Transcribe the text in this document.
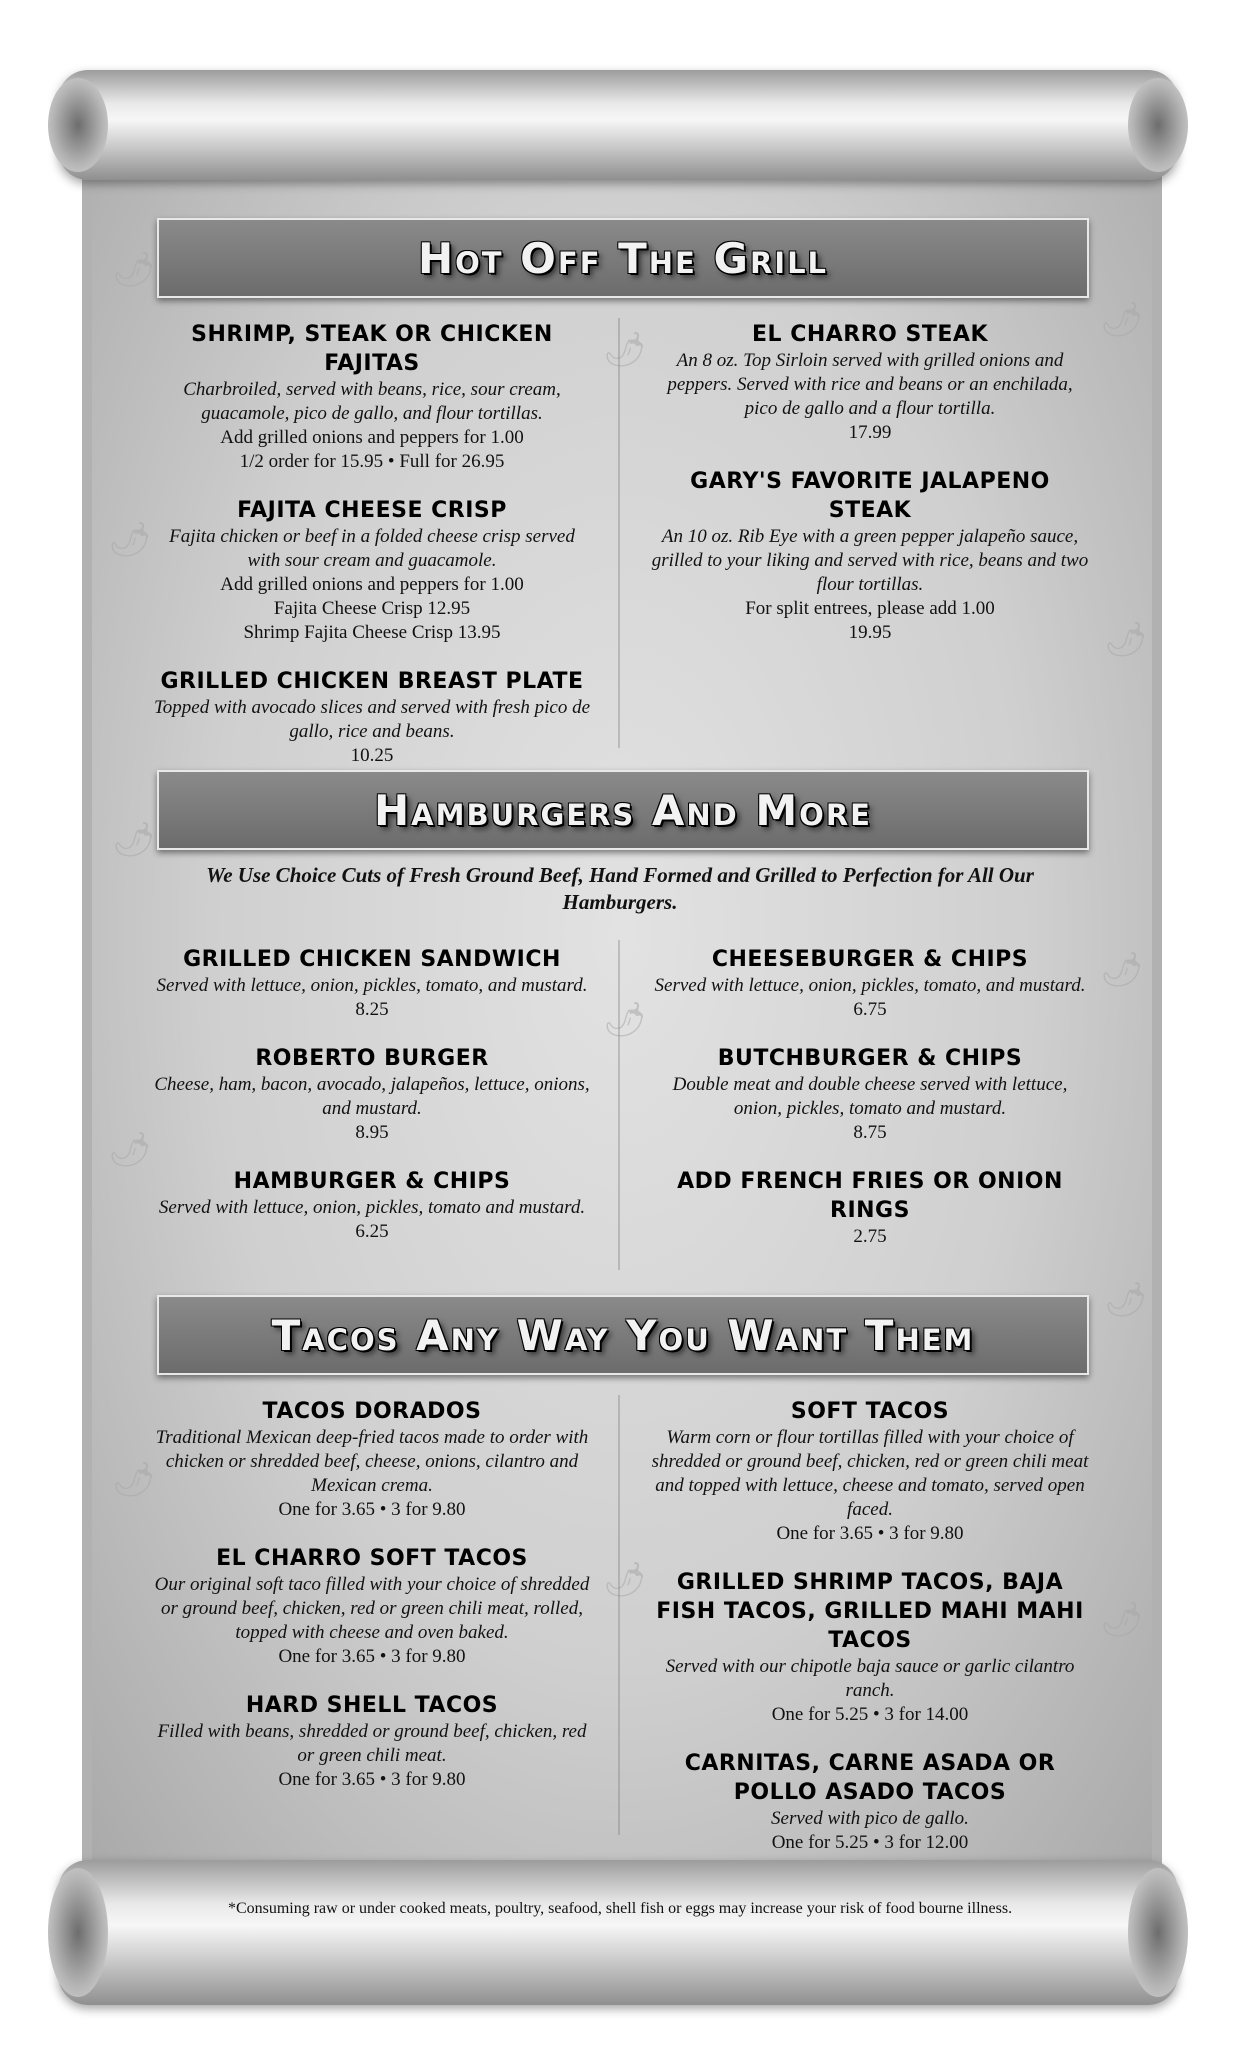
🌶
🌶
🌶
🌶
🌶
🌶
🌶
🌶
🌶
🌶
🌶
🌶
🌶
Hot Off The Grill
SHRIMP, STEAK OR CHICKEN FAJITAS
Charbroiled, served with beans, rice, sour cream, guacamole, pico de gallo, and flour tortillas.
Add grilled onions and peppers for 1.00
1/2 order for 15.95 • Full for 26.95
FAJITA CHEESE CRISP
Fajita chicken or beef in a folded cheese crisp served with sour cream and guacamole.
Add grilled onions and peppers for 1.00
Fajita Cheese Crisp 12.95
Shrimp Fajita Cheese Crisp 13.95
GRILLED CHICKEN BREAST PLATE
Topped with avocado slices and served with fresh pico de gallo, rice and beans.
10.25
EL CHARRO STEAK
An 8 oz. Top Sirloin served with grilled onions and peppers. Served with rice and beans or an enchilada, pico de gallo and a flour tortilla.
17.99
GARY'S FAVORITE JALAPENO STEAK
An 10 oz. Rib Eye with a green pepper jalapeño sauce, grilled to your liking and served with rice, beans and two flour tortillas.
For split entrees, please add 1.00
19.95
Hamburgers And More
We Use Choice Cuts of Fresh Ground Beef, Hand Formed and Grilled to Perfection for All Our Hamburgers.
GRILLED CHICKEN SANDWICH
Served with lettuce, onion, pickles, tomato, and mustard.
8.25
ROBERTO BURGER
Cheese, ham, bacon, avocado, jalapeños, lettuce, onions, and mustard.
8.95
HAMBURGER & CHIPS
Served with lettuce, onion, pickles, tomato and mustard.
6.25
CHEESEBURGER & CHIPS
Served with lettuce, onion, pickles, tomato, and mustard.
6.75
BUTCHBURGER & CHIPS
Double meat and double cheese served with lettuce, onion, pickles, tomato and mustard.
8.75
ADD FRENCH FRIES OR ONION RINGS
2.75
Tacos Any Way You Want Them
TACOS DORADOS
Traditional Mexican deep-fried tacos made to order with chicken or shredded beef, cheese, onions, cilantro and Mexican crema.
One for 3.65 • 3 for 9.80
EL CHARRO SOFT TACOS
Our original soft taco filled with your choice of shredded or ground beef, chicken, red or green chili meat, rolled, topped with cheese and oven baked.
One for 3.65 • 3 for 9.80
HARD SHELL TACOS
Filled with beans, shredded or ground beef, chicken, red or green chili meat.
One for 3.65 • 3 for 9.80
SOFT TACOS
Warm corn or flour tortillas filled with your choice of shredded or ground beef, chicken, red or green chili meat and topped with lettuce, cheese and tomato, served open faced.
One for 3.65 • 3 for 9.80
GRILLED SHRIMP TACOS, BAJA FISH TACOS, GRILLED MAHI MAHI TACOS
Served with our chipotle baja sauce or garlic cilantro ranch.
One for 5.25 • 3 for 14.00
CARNITAS, CARNE ASADA OR POLLO ASADO TACOS
Served with pico de gallo.
One for 5.25 • 3 for 12.00
*Consuming raw or under cooked meats, poultry, seafood, shell fish or eggs may increase your risk of food bourne illness.
